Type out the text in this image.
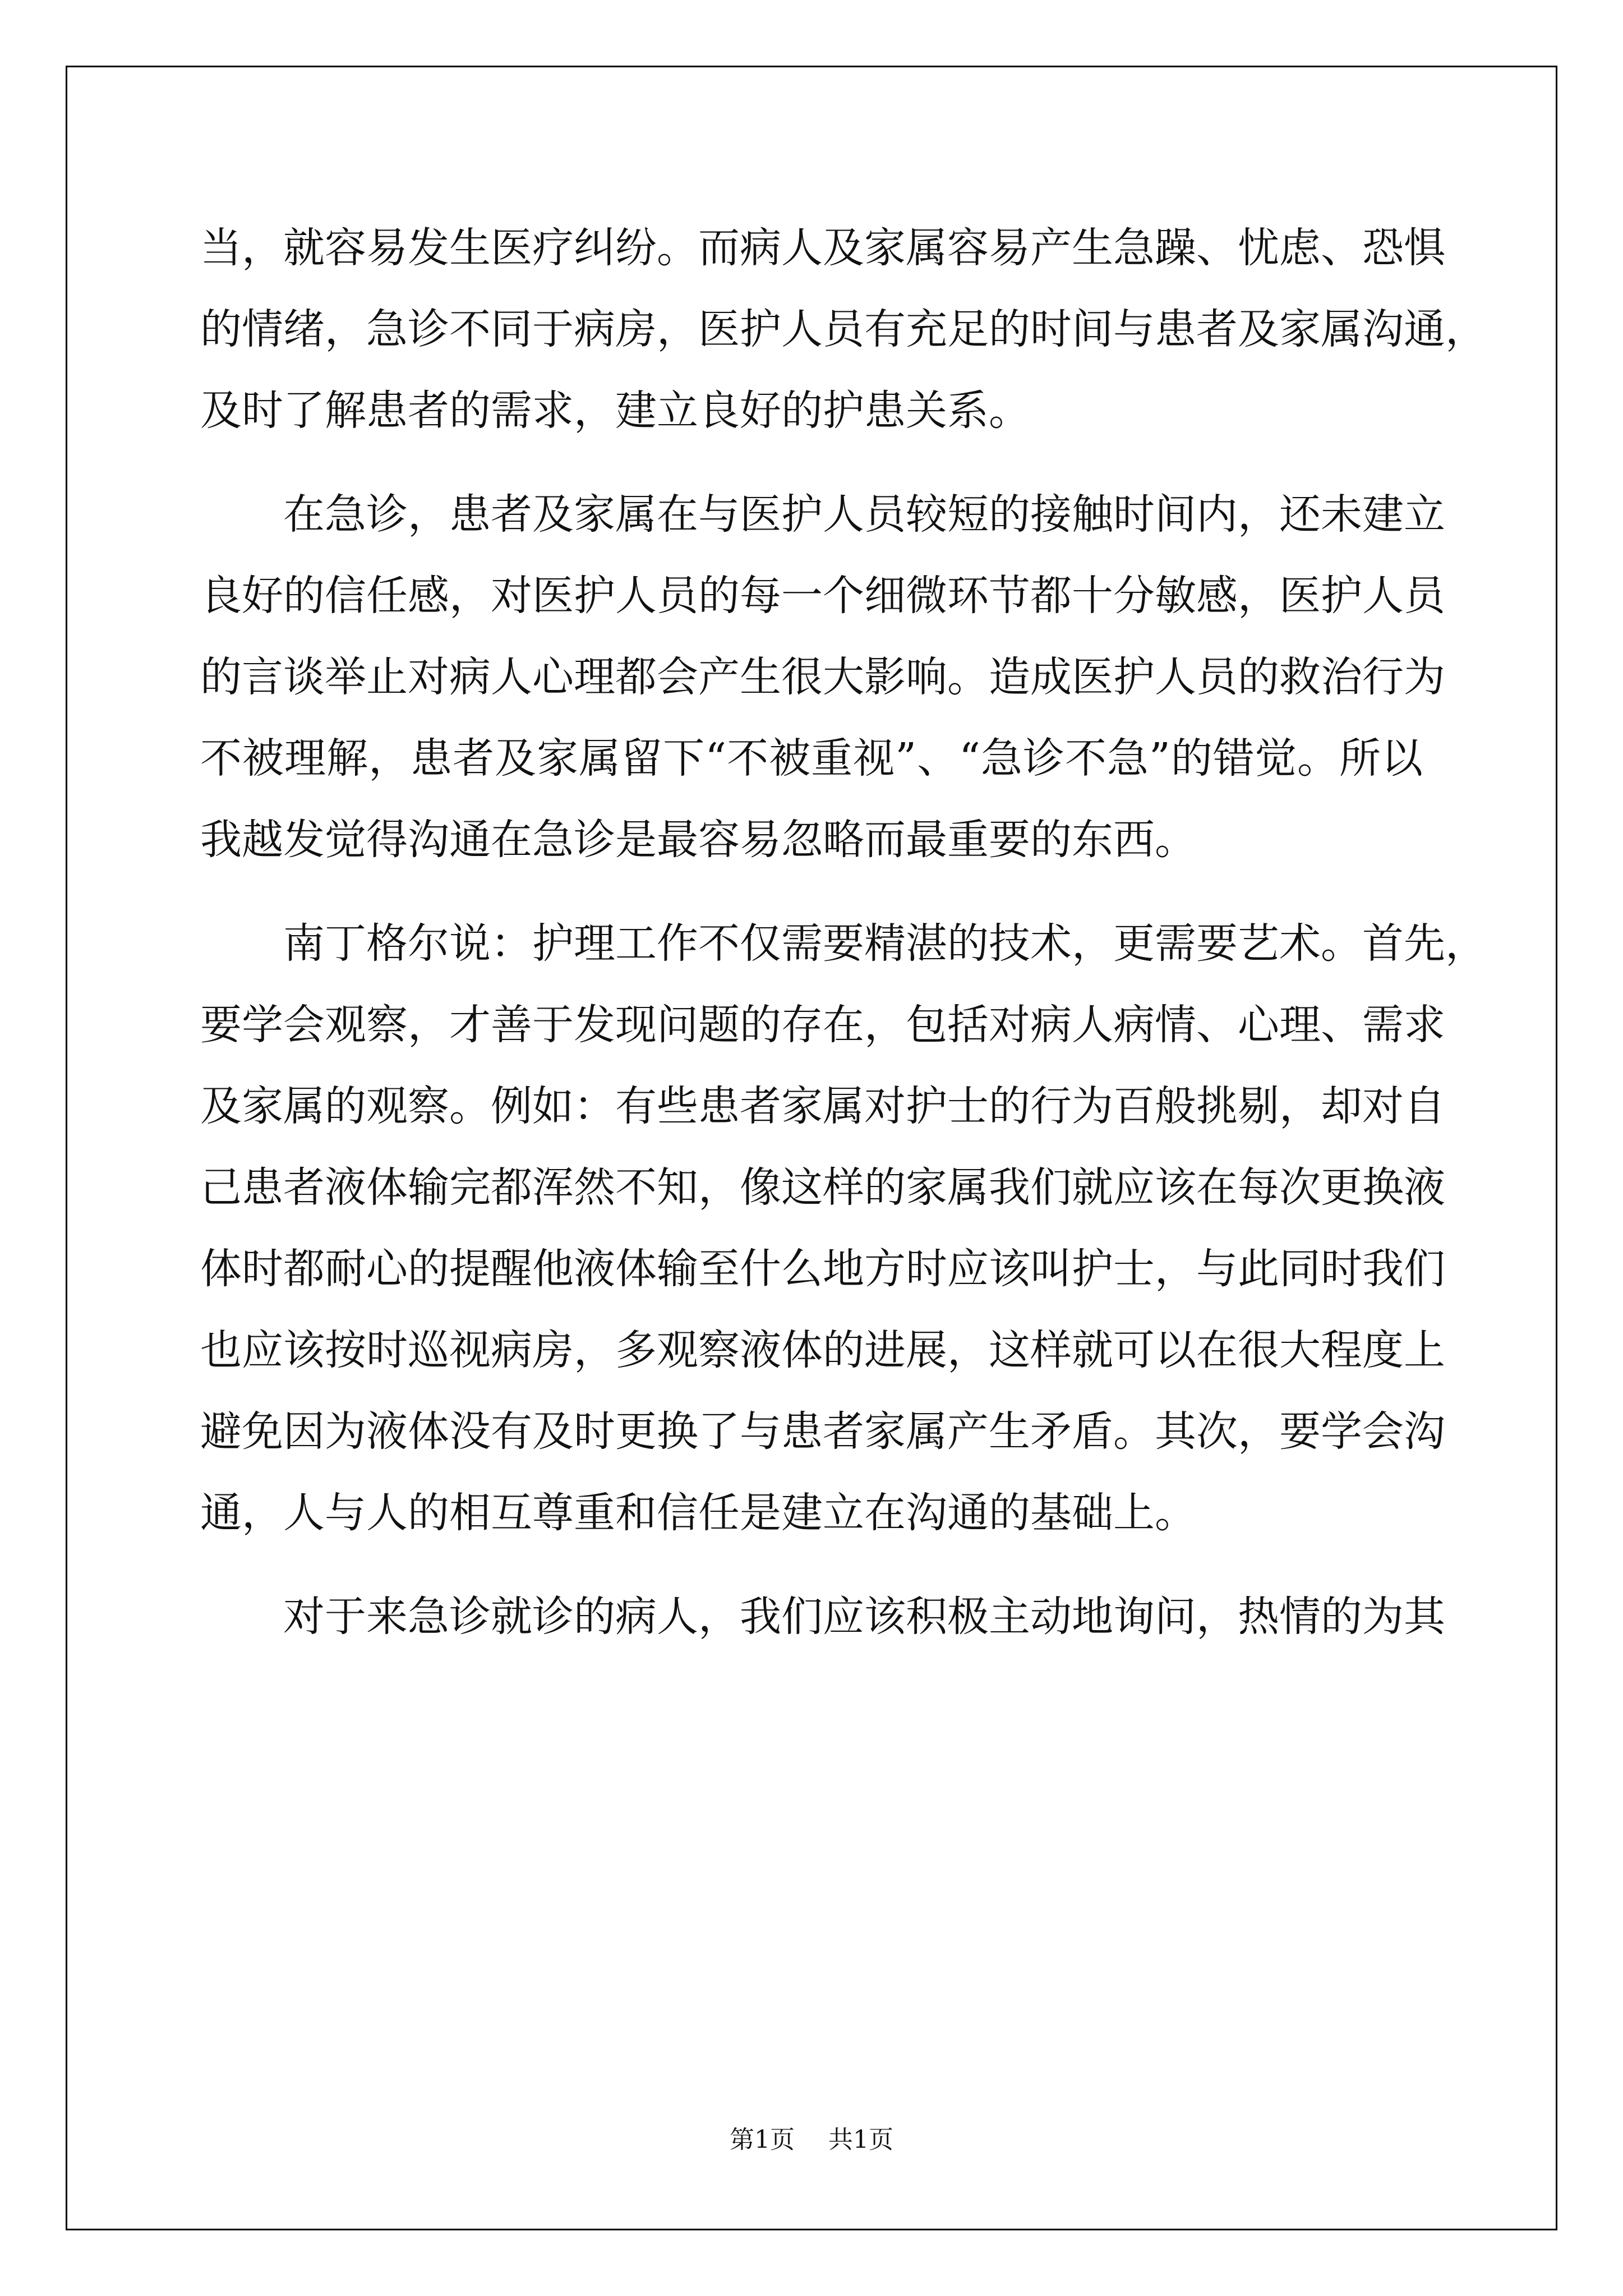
当，就容易发生医疗纠纷。而病人及家属容易产生急躁、忧虑、恐惧
的情绪，急诊不同于病房，医护人员有充足的时间与患者及家属沟通，
及时了解患者的需求，建立良好的护患关系。
在急诊，患者及家属在与医护人员较短的接触时间内，还未建立
良好的信任感，对医护人员的每一个细微环节都十分敏感，医护人员
的言谈举止对病人心理都会产生很大影响。造成医护人员的救治行为
不被理解，患者及家属留下“不被重视”、“急诊不急”的错觉。所以
我越发觉得沟通在急诊是最容易忽略而最重要的东西。
南丁格尔说：护理工作不仅需要精湛的技术，更需要艺术。首先，
要学会观察，才善于发现问题的存在，包括对病人病情、心理、需求
及家属的观察。例如：有些患者家属对护士的行为百般挑剔，却对自
己患者液体输完都浑然不知，像这样的家属我们就应该在每次更换液
体时都耐心的提醒他液体输至什么地方时应该叫护士，与此同时我们
也应该按时巡视病房，多观察液体的进展，这样就可以在很大程度上
避免因为液体没有及时更换了与患者家属产生矛盾。其次，要学会沟
通，人与人的相互尊重和信任是建立在沟通的基础上。
对于来急诊就诊的病人，我们应该积极主动地询问，热情的为其
第1页 共1页
